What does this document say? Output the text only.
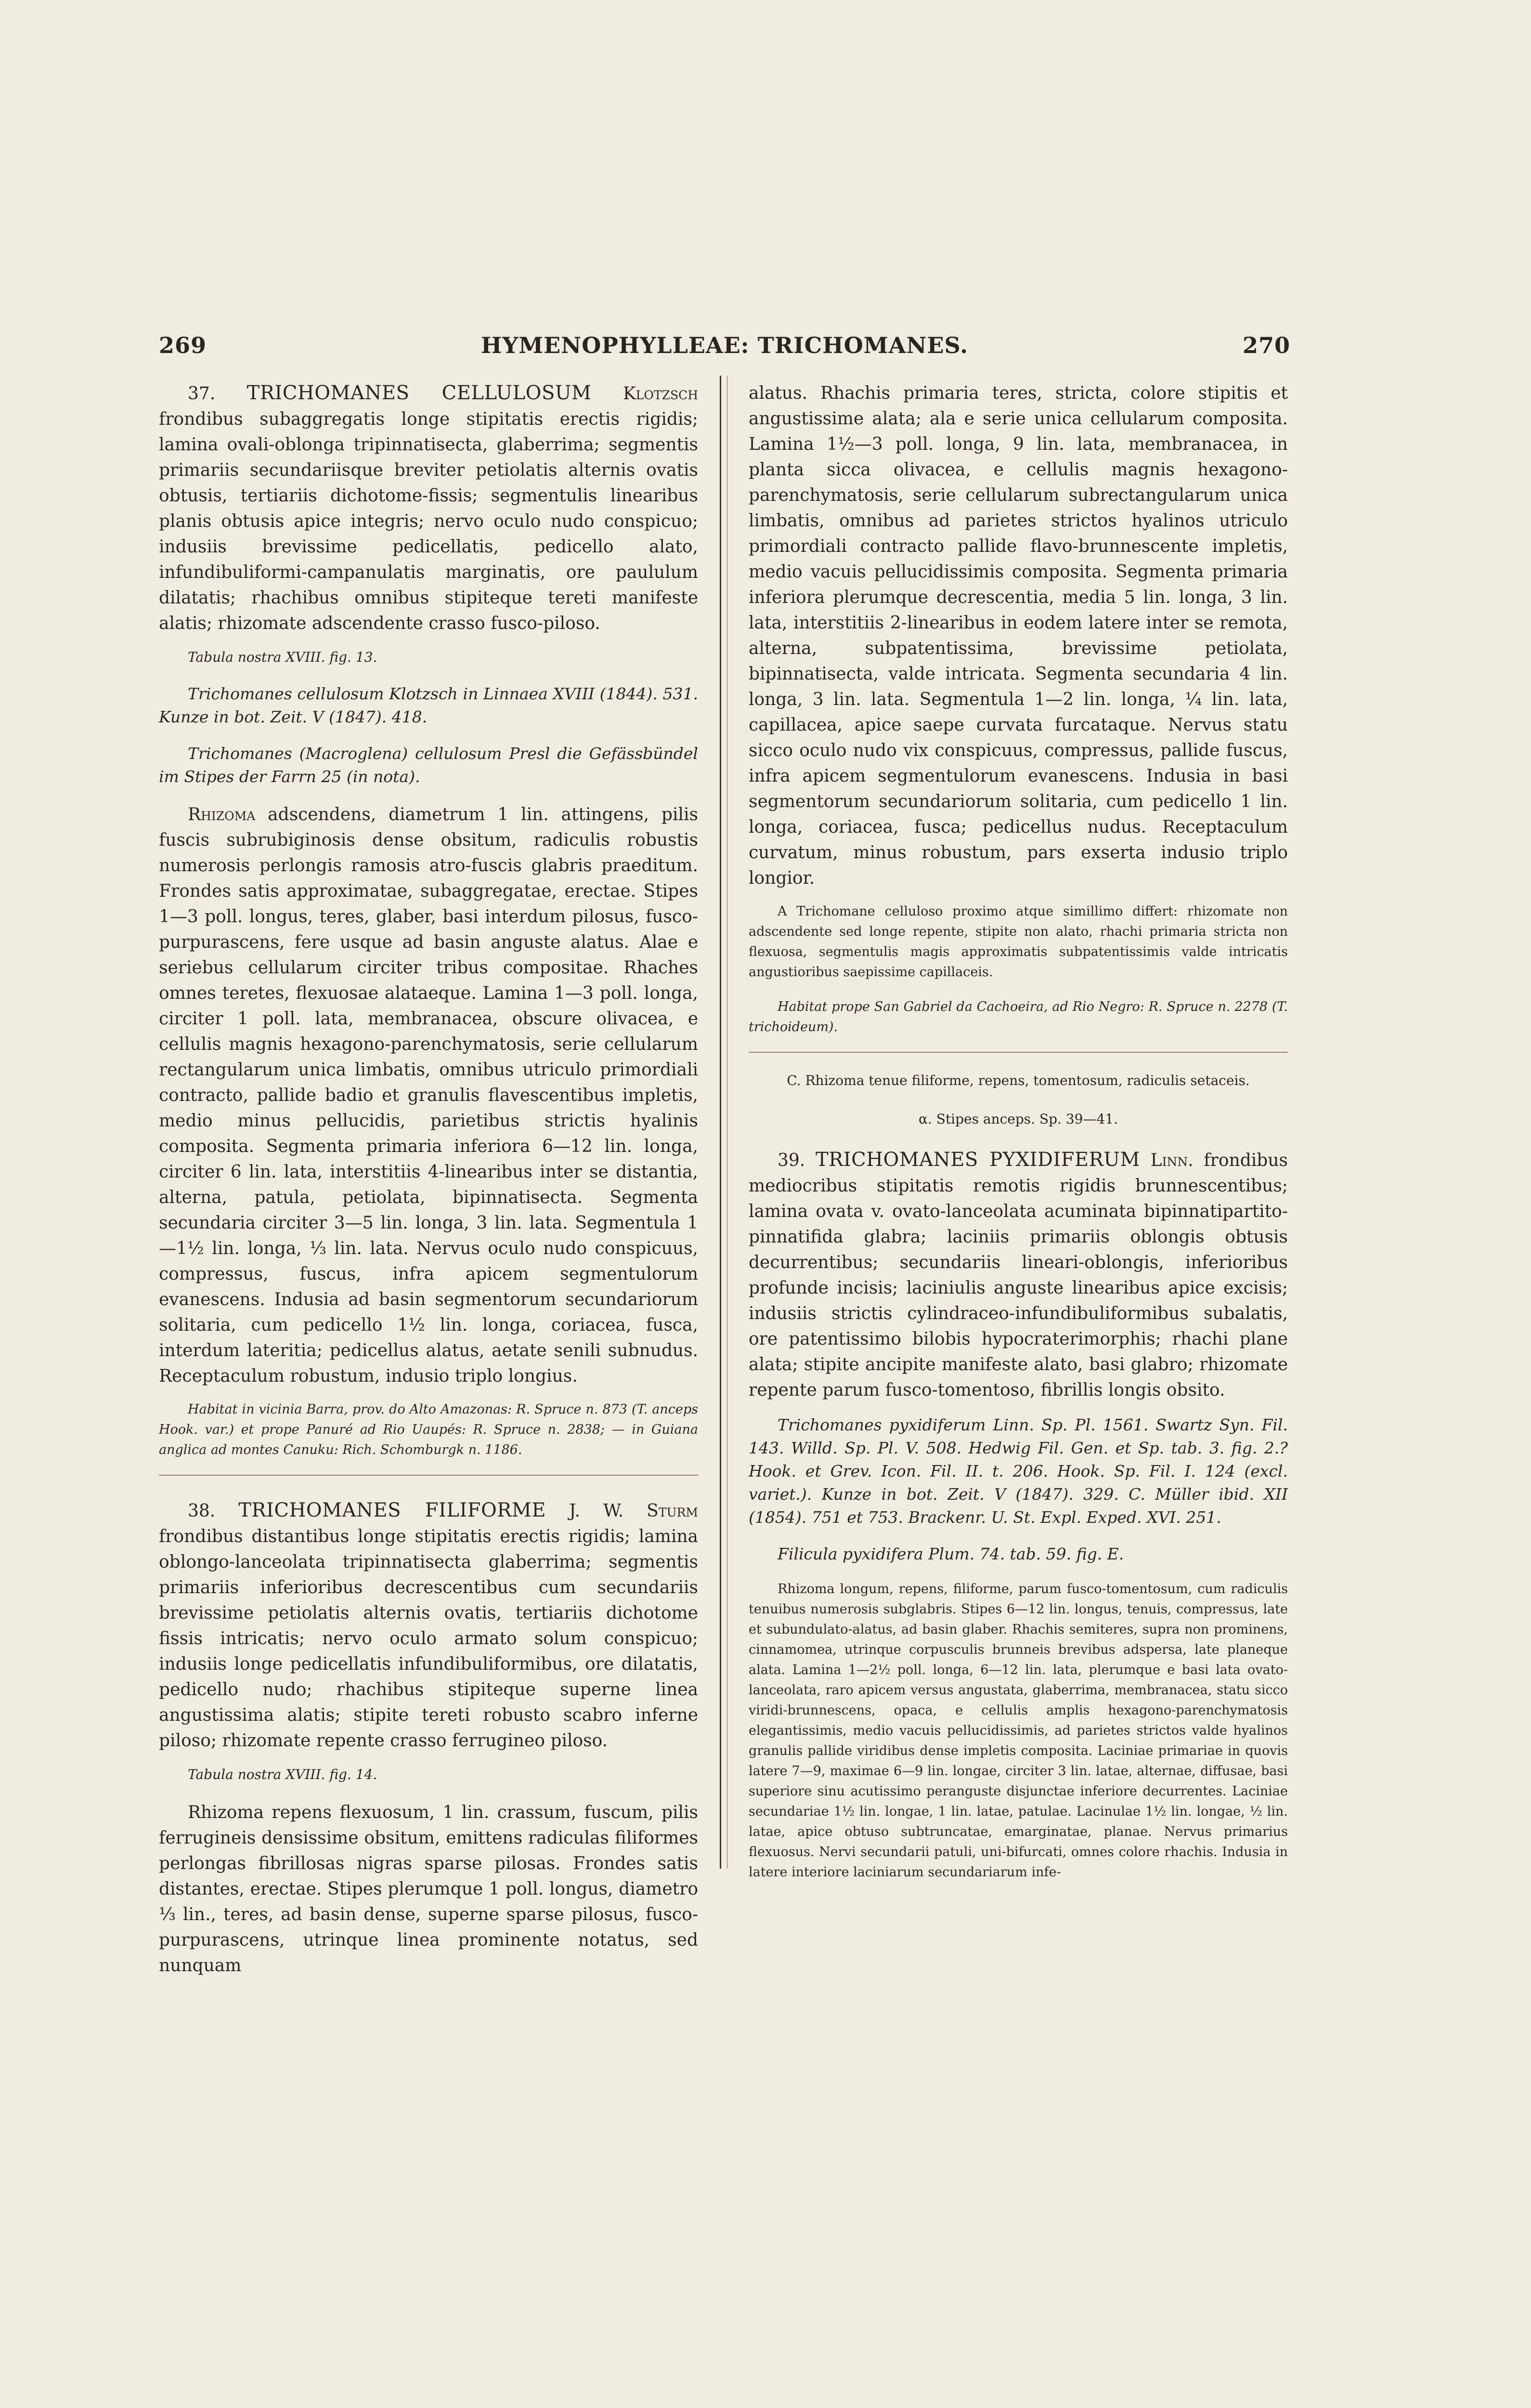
269	HYMENOPHYLLEAE: TRICHOMANES.	270

37. TRICHOMANES CELLULOSUM Klotzsch frondibus subaggregatis longe stipitatis erectis rigidis; lamina ovali-oblonga tripinnatisecta, glaberrima; segmentis primariis secundariisque breviter petiolatis alternis ovatis obtusis, tertiariis dichotome-fissis; segmentulis linearibus planis obtusis apice integris; nervo oculo nudo conspicuo; indusiis brevissime pedicellatis, pedicello alato, infundibuliformi-campanulatis marginatis, ore paululum dilatatis; rhachibus omnibus stipiteque tereti manifeste alatis; rhizomate adscendente crasso fusco-piloso.

Tabula nostra XVIII. fig. 13.

Trichomanes cellulosum Klotzsch in Linnaea XVIII (1844). 531. Kunze in bot. Zeit. V (1847). 418.

Trichomanes (Macroglena) cellulosum Presl die Gefässbündel im Stipes der Farrn 25 (in nota).

Rhizoma adscendens, diametrum 1 lin. attingens, pilis fuscis subrubiginosis dense obsitum, radiculis robustis numerosis perlongis ramosis atro-fuscis glabris praeditum. Frondes satis approximatae, subaggregatae, erectae. Stipes 1—3 poll. longus, teres, glaber, basi interdum pilosus, fusco-purpurascens, fere usque ad basin anguste alatus. Alae e seriebus cellularum circiter tribus compositae. Rhaches omnes teretes, flexuosae alataeque. Lamina 1—3 poll. longa, circiter 1 poll. lata, membranacea, obscure olivacea, e cellulis magnis hexagono-parenchymatosis, serie cellularum rectangularum unica limbatis, omnibus utriculo primordiali contracto, pallide badio et granulis flavescentibus impletis, medio minus pellucidis, parietibus strictis hyalinis composita. Segmenta primaria inferiora 6—12 lin. longa, circiter 6 lin. lata, interstitiis 4-linearibus inter se distantia, alterna, patula, petiolata, bipinnatisecta. Segmenta secundaria circiter 3—5 lin. longa, 3 lin. lata. Segmentula 1—1½ lin. longa, ⅓ lin. lata. Nervus oculo nudo conspicuus, compressus, fuscus, infra apicem segmentulorum evanescens. Indusia ad basin segmentorum secundariorum solitaria, cum pedicello 1½ lin. longa, coriacea, fusca, interdum lateritia; pedicellus alatus, aetate senili subnudus. Receptaculum robustum, indusio triplo longius.

Habitat in vicinia Barra, prov. do Alto Amazonas: R. Spruce n. 873 (T. anceps Hook. var.) et prope Panuré ad Rio Uaupés: R. Spruce n. 2838; — in Guiana anglica ad montes Canuku: Rich. Schomburgk n. 1186.

38. TRICHOMANES FILIFORME J. W. Sturm frondibus distantibus longe stipitatis erectis rigidis; lamina oblongo-lanceolata tripinnatisecta glaberrima; segmentis primariis inferioribus decrescentibus cum secundariis brevissime petiolatis alternis ovatis, tertiariis dichotome fissis intricatis; nervo oculo armato solum conspicuo; indusiis longe pedicellatis infundibuliformibus, ore dilatatis, pedicello nudo; rhachibus stipiteque superne linea angustissima alatis; stipite tereti robusto scabro inferne piloso; rhizomate repente crasso ferrugineo piloso.

Tabula nostra XVIII. fig. 14.

Rhizoma repens flexuosum, 1 lin. crassum, fuscum, pilis ferrugineis densissime obsitum, emittens radiculas filiformes perlongas fibrillosas nigras sparse pilosas. Frondes satis distantes, erectae. Stipes plerumque 1 poll. longus, diametro ⅓ lin., teres, ad basin dense, superne sparse pilosus, fusco-purpurascens, utrinque linea prominente notatus, sed nunquam

alatus. Rhachis primaria teres, stricta, colore stipitis et angustissime alata; ala e serie unica cellularum composita. Lamina 1½—3 poll. longa, 9 lin. lata, membranacea, in planta sicca olivacea, e cellulis magnis hexagono-parenchymatosis, serie cellularum subrectangularum unica limbatis, omnibus ad parietes strictos hyalinos utriculo primordiali contracto pallide flavo-brunnescente impletis, medio vacuis pellucidissimis composita. Segmenta primaria inferiora plerumque decrescentia, media 5 lin. longa, 3 lin. lata, interstitiis 2-linearibus in eodem latere inter se remota, alterna, subpatentissima, brevissime petiolata, bipinnatisecta, valde intricata. Segmenta secundaria 4 lin. longa, 3 lin. lata. Segmentula 1—2 lin. longa, ¼ lin. lata, capillacea, apice saepe curvata furcataque. Nervus statu sicco oculo nudo vix conspicuus, compressus, pallide fuscus, infra apicem segmentulorum evanescens. Indusia in basi segmentorum secundariorum solitaria, cum pedicello 1 lin. longa, coriacea, fusca; pedicellus nudus. Receptaculum curvatum, minus robustum, pars exserta indusio triplo longior.

A Trichomane celluloso proximo atque simillimo differt: rhizomate non adscendente sed longe repente, stipite non alato, rhachi primaria stricta non flexuosa, segmentulis magis approximatis subpatentissimis valde intricatis angustioribus saepissime capillaceis.

Habitat prope San Gabriel da Cachoeira, ad Rio Negro: R. Spruce n. 2278 (T. trichoideum).

C. Rhizoma tenue filiforme, repens, tomentosum, radiculis setaceis.

α. Stipes anceps. Sp. 39—41.

39. TRICHOMANES PYXIDIFERUM Linn. frondibus mediocribus stipitatis remotis rigidis brunnescentibus; lamina ovata v. ovato-lanceolata acuminata bipinnatipartito-pinnatifida glabra; laciniis primariis oblongis obtusis decurrentibus; secundariis lineari-oblongis, inferioribus profunde incisis; laciniulis anguste linearibus apice excisis; indusiis strictis cylindraceo-infundibuliformibus subalatis, ore patentissimo bilobis hypocraterimorphis; rhachi plane alata; stipite ancipite manifeste alato, basi glabro; rhizomate repente parum fusco-tomentoso, fibrillis longis obsito.

Trichomanes pyxidiferum Linn. Sp. Pl. 1561. Swartz Syn. Fil. 143. Willd. Sp. Pl. V. 508. Hedwig Fil. Gen. et Sp. tab. 3. fig. 2.? Hook. et Grev. Icon. Fil. II. t. 206. Hook. Sp. Fil. I. 124 (excl. variet.). Kunze in bot. Zeit. V (1847). 329. C. Müller ibid. XII (1854). 751 et 753. Brackenr. U. St. Expl. Exped. XVI. 251.

Filicula pyxidifera Plum. 74. tab. 59. fig. E.

Rhizoma longum, repens, filiforme, parum fusco-tomentosum, cum radiculis tenuibus numerosis subglabris. Stipes 6—12 lin. longus, tenuis, compressus, late et subundulato-alatus, ad basin glaber. Rhachis semiteres, supra non prominens, cinnamomea, utrinque corpusculis brunneis brevibus adspersa, late planeque alata. Lamina 1—2½ poll. longa, 6—12 lin. lata, plerumque e basi lata ovato-lanceolata, raro apicem versus angustata, glaberrima, membranacea, statu sicco viridi-brunnescens, opaca, e cellulis amplis hexagono-parenchymatosis elegantissimis, medio vacuis pellucidissimis, ad parietes strictos valde hyalinos granulis pallide viridibus dense impletis composita. Laciniae primariae in quovis latere 7—9, maximae 6—9 lin. longae, circiter 3 lin. latae, alternae, diffusae, basi superiore sinu acutissimo peranguste disjunctae inferiore decurrentes. Laciniae secundariae 1½ lin. longae, 1 lin. latae, patulae. Lacinulae 1½ lin. longae, ½ lin. latae, apice obtuso subtruncatae, emarginatae, planae. Nervus primarius flexuosus. Nervi secundarii patuli, uni-bifurcati, omnes colore rhachis. Indusia in latere interiore laciniarum secundariarum infe-
